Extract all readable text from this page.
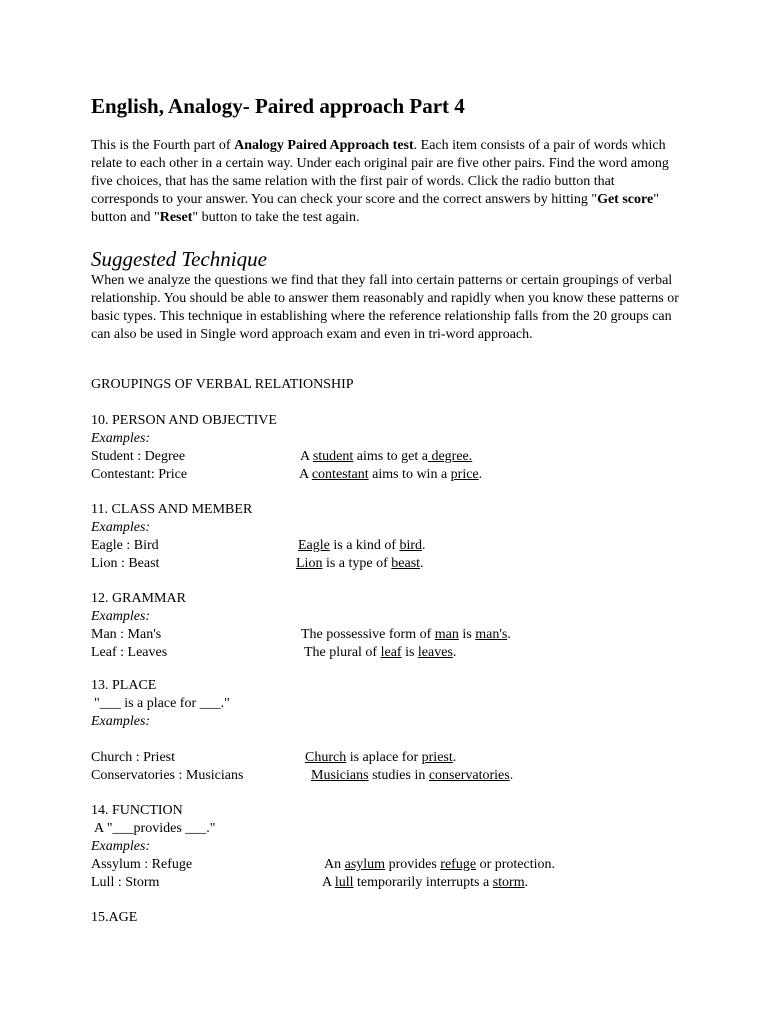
English, Analogy- Paired approach Part 4

This is the Fourth part of Analogy Paired Approach test. Each item consists of a pair of words which relate to each other in a certain way. Under each original pair are five other pairs. Find the word among five choices, that has the same relation with the first pair of words. Click the radio button that corresponds to your answer. You can check your score and the correct answers by hitting "Get score" button and "Reset" button to take the test again.

Suggested Technique

When we analyze the questions we find that they fall into certain patterns or certain groupings of verbal relationship. You should be able to answer them reasonably and rapidly when you know these patterns or basic types. This technique in establishing where the reference relationship falls from the 20 groups can can also be used in Single word approach exam and even in tri-word approach.

GROUPINGS OF VERBAL RELATIONSHIP
10. PERSON AND OBJECTIVE
Examples:
Student : Degree	A student aims to get a degree.
Contestant: Price	A contestant aims to win a price.
11. CLASS AND MEMBER
Examples:
Eagle : Bird	Eagle is a kind of bird.
Lion : Beast	Lion is a type of beast.
12. GRAMMAR
Examples:
Man : Man's	The possessive form of man is man's.
Leaf : Leaves	The plural of leaf is leaves.
13. PLACE
"___ is a place for ___."
Examples:
Church : Priest	Church is aplace for priest.
Conservatories : Musicians	Musicians studies in conservatories.
14. FUNCTION
A "___provides ___."
Examples:
Assylum : Refuge	An asylum provides refuge or protection.
Lull : Storm	A lull temporarily interrupts a storm.
15.AGE
